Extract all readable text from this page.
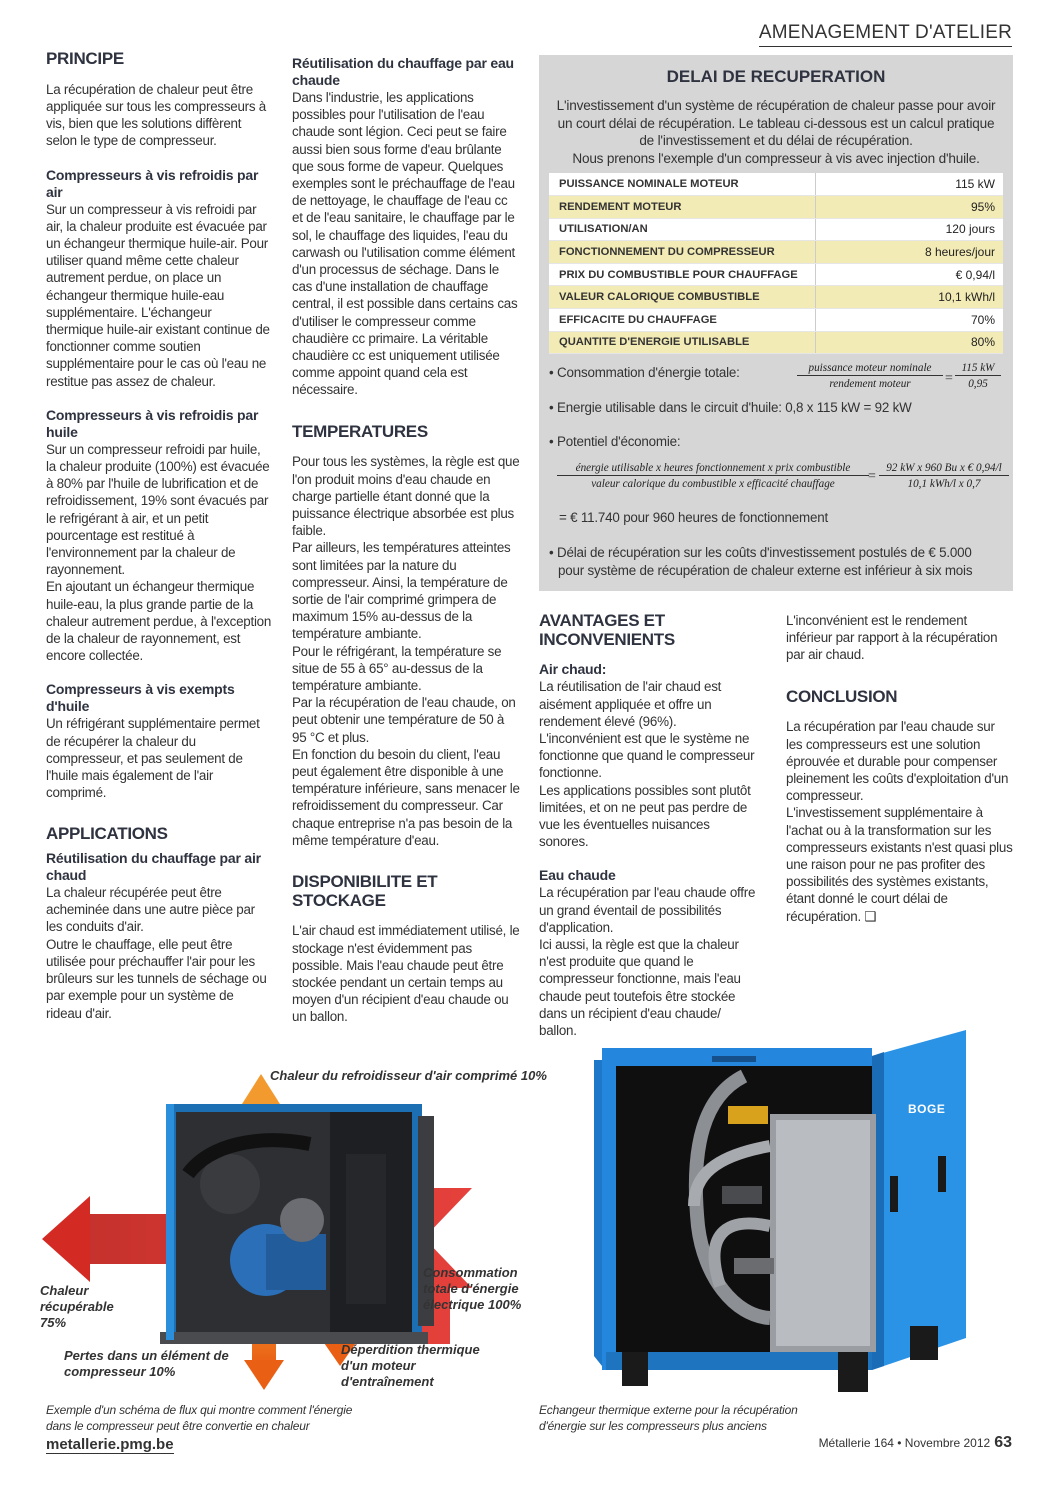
AMENAGEMENT D'ATELIER
PRINCIPE

La récupération de chaleur peut être appliquée sur tous les compresseurs à vis, bien que les solutions diffèrent selon le type de compresseur.

Compresseurs à vis refroidis par air

Sur un compresseur à vis refroidi par air, la chaleur produite est évacuée par un échangeur thermique huile-air. Pour utiliser quand même cette chaleur autrement perdue, on place un échangeur thermique huile-eau supplémentaire. L'échangeur thermique huile-air existant continue de fonctionner comme soutien supplémentaire pour le cas où l'eau ne restitue pas assez de chaleur.

Compresseurs à vis refroidis par huile

Sur un compresseur refroidi par huile, la chaleur produite (100%) est évacuée à 80% par l'huile de lubrification et de refroidissement, 19% sont évacués par le refrigérant à air, et un petit pourcentage est restitué à l'environnement par la chaleur de rayonnement.

En ajoutant un échangeur thermique huile-eau, la plus grande partie de la chaleur autrement perdue, à l'exception de la chaleur de rayonnement, est encore collectée.

Compresseurs à vis exempts d'huile

Un réfrigérant supplémentaire permet de récupérer la chaleur du compresseur, et pas seulement de l'huile mais également de l'air comprimé.

APPLICATIONS
Réutilisation du chauffage par air chaud

La chaleur récupérée peut être acheminée dans une autre pièce par les conduits d'air.

Outre le chauffage, elle peut être utilisée pour préchauffer l'air pour les brûleurs sur les tunnels de séchage ou par exemple pour un système de rideau d'air.

Réutilisation du chauffage par eau chaude

Dans l'industrie, les applications possibles pour l'utilisation de l'eau chaude sont légion. Ceci peut se faire aussi bien sous forme d'eau brûlante que sous forme de vapeur. Quelques exemples sont le préchauffage de l'eau de nettoyage, le chauffage de l'eau cc et de l'eau sanitaire, le chauffage par le sol, le chauffage des liquides, l'eau du carwash ou l'utilisation comme élément d'un processus de séchage. Dans le cas d'une installation de chauffage central, il est possible dans certains cas d'utiliser le compresseur comme chaudière cc primaire. La véritable chaudière cc est uniquement utilisée comme appoint quand cela est nécessaire.

TEMPERATURES

Pour tous les systèmes, la règle est que l'on produit moins d'eau chaude en charge partielle étant donné que la puissance électrique absorbée est plus faible.

Par ailleurs, les températures atteintes sont limitées par la nature du compresseur. Ainsi, la température de sortie de l'air comprimé grimpera de maximum 15% au-dessus de la température ambiante.

Pour le réfrigérant, la température se situe de 55 à 65° au-dessus de la température ambiante.

Par la récupération de l'eau chaude, on peut obtenir une température de 50 à 95 °C et plus.

En fonction du besoin du client, l'eau peut également être disponible à une température inférieure, sans menacer le refroidissement du compresseur. Car chaque entreprise n'a pas besoin de la même température d'eau.

DISPONIBILITE ET STOCKAGE

L'air chaud est immédiatement utilisé, le stockage n'est évidemment pas possible. Mais l'eau chaude peut être stockée pendant un certain temps au moyen d'un récipient d'eau chaude ou un ballon.

DELAI DE RECUPERATION
L'investissement d'un système de récupération de chaleur passe pour avoir un court délai de récupération. Le tableau ci-dessous est un calcul pratique de l'investissement et du délai de récupération.
Nous prenons l'exemple d'un compresseur à vis avec injection d'huile.
PUISSANCE NOMINALE MOTEUR	115 kW
RENDEMENT MOTEUR	95%
UTILISATION/AN	120 jours
FONCTIONNEMENT DU COMPRESSEUR	8 heures/jour
PRIX DU COMBUSTIBLE POUR CHAUFFAGE	€ 0,94/l
VALEUR CALORIQUE COMBUSTIBLE	10,1 kWh/l
EFFICACITE DU CHAUFFAGE	70%
QUANTITE D'ENERGIE UTILISABLE	80%
• Consommation d'énergie totale:	puissance moteur nominale
rendement moteur	= $\frac{115 kW}{0,95}$
• Energie utilisable dans le circuit d'huile: 0,8 x 115 kW = 92 kW
• Potentiel d'économie:
énergie utilisable x heures fonctionnement x prix combustible
valeur calorique du combustible x efficacité chauffage	=
92 kW x 960 Bu x € 0,94/l
10,1 kWh/l x 0,7
= € 11.740 pour 960 heures de fonctionnement
• Délai de récupération sur les coûts d'investissement postulés de € 5.000
pour système de récupération de chaleur externe est inférieur à six mois
AVANTAGES ET INCONVENIENTS
Air chaud:

La réutilisation de l'air chaud est aisément appliquée et offre un rendement élevé (96%).

L'inconvénient est que le système ne fonctionne que quand le compresseur fonctionne.

Les applications possibles sont plutôt limitées, et on ne peut pas perdre de vue les éventuelles nuisances sonores.

Eau chaude

La récupération par l'eau chaude offre un grand éventail de possibilités d'application.

Ici aussi, la règle est que la chaleur n'est produite que quand le compresseur fonctionne, mais l'eau chaude peut toutefois être stockée dans un récipient d'eau chaude/ ballon.

L'inconvénient est le rendement inférieur par rapport à la récupération par air chaud.

CONCLUSION

La récupération par l'eau chaude sur les compresseurs est une solution éprouvée et durable pour compenser pleinement les coûts d'exploitation d'un compresseur.

L'investissement supplémentaire à l'achat ou à la transformation sur les compresseurs existants n'est quasi plus une raison pour ne pas profiter des possibilités des systèmes existants, étant donné le court délai de récupération. ❑

Chaleur du refroidisseur d'air comprimé 10%
Chaleur récupérable 75%
Consommation totale d'énergie électrique 100%
Pertes dans un élément de compresseur 10%
Déperdition thermique d'un moteur d'entraînement
Exemple d'un schéma de flux qui montre comment l'énergie dans le compresseur peut être convertie en chaleur
BOGE
Echangeur thermique externe pour la récupération d'énergie sur les compresseurs plus anciens
metallerie.pmg.be	Métallerie 164 • Novembre 2012 63
